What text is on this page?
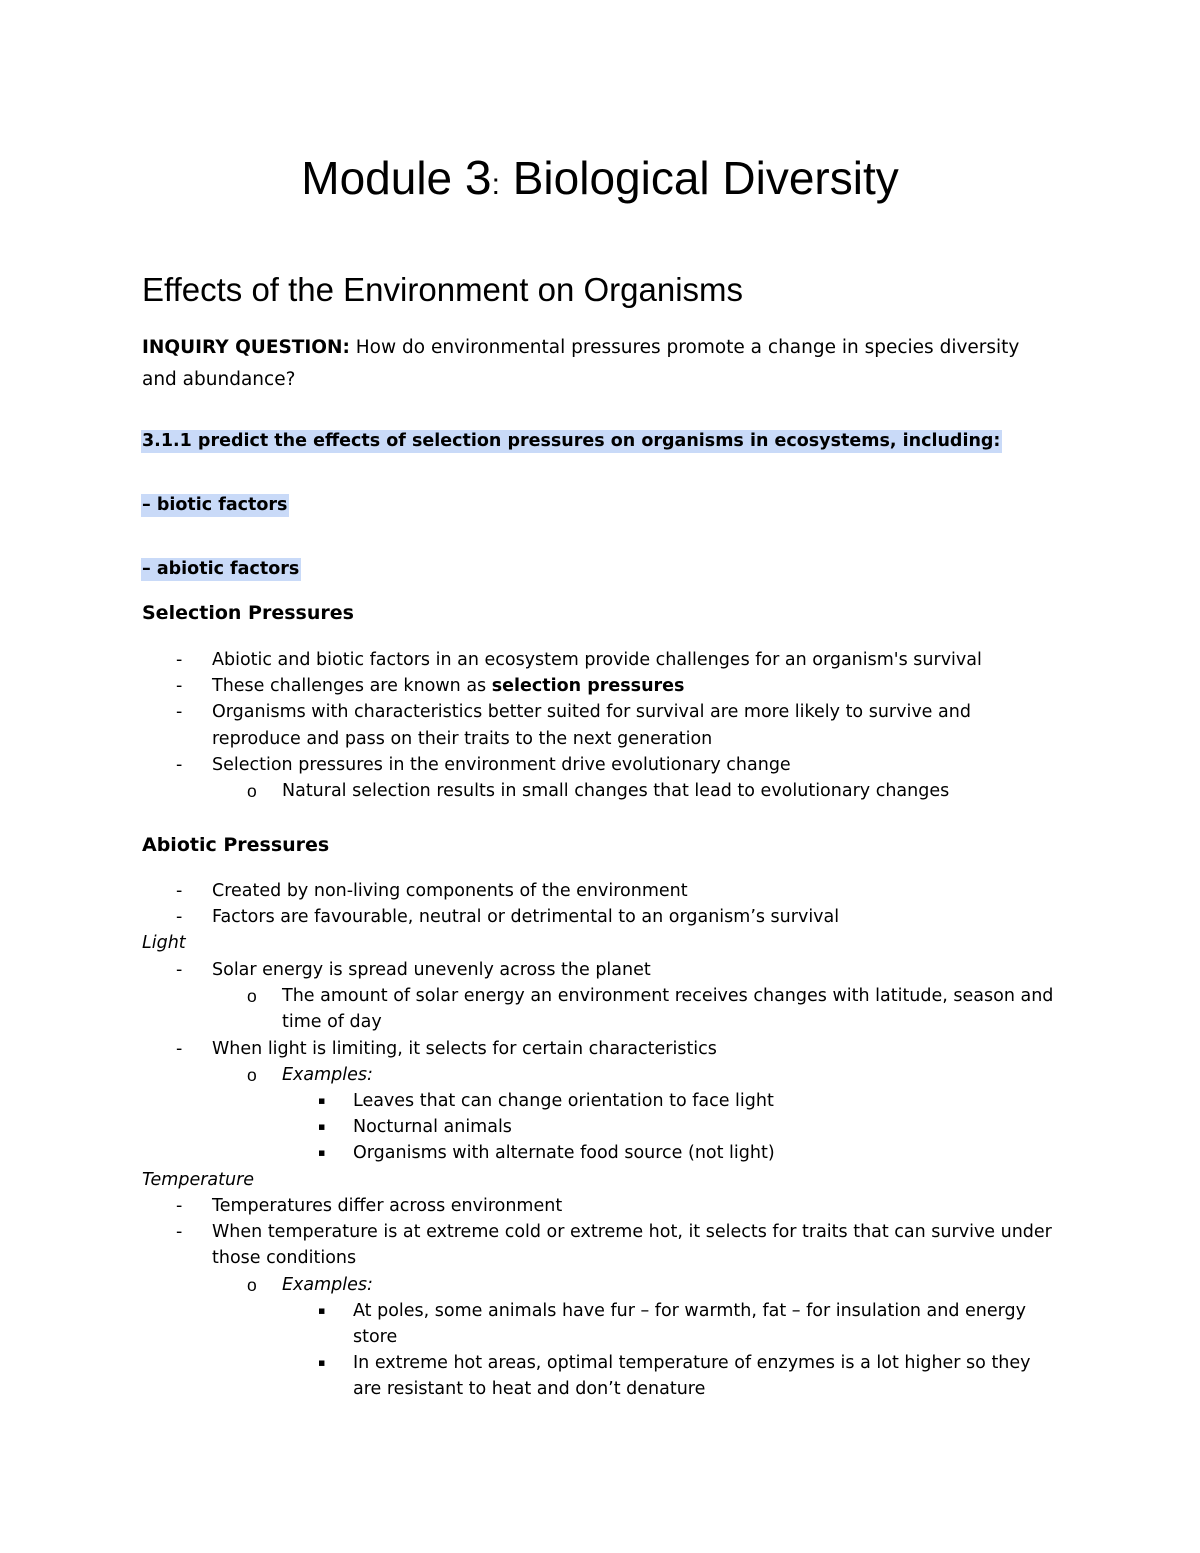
Module 3: Biological Diversity
Effects of the Environment on Organisms

INQUIRY QUESTION: How do environmental pressures promote a change in species diversity and abundance?

3.1.1 predict the effects of selection pressures on organisms in ecosystems, including:

– biotic factors

– abiotic factors

Selection Pressures
- Abiotic and biotic factors in an ecosystem provide challenges for an organism's survival
- These challenges are known as selection pressures
- Organisms with characteristics better suited for survival are more likely to survive and reproduce and pass on their traits to the next generation
- Selection pressures in the environment drive evolutionary change
o Natural selection results in small changes that lead to evolutionary changes
Abiotic Pressures
- Created by non-living components of the environment
- Factors are favourable, neutral or detrimental to an organism’s survival

Light

- Solar energy is spread unevenly across the planet
o The amount of solar energy an environment receives changes with latitude, season and time of day
- When light is limiting, it selects for certain characteristics
o Examples:
▪ Leaves that can change orientation to face light
▪ Nocturnal animals
▪ Organisms with alternate food source (not light)

Temperature

- Temperatures differ across environment
- When temperature is at extreme cold or extreme hot, it selects for traits that can survive under those conditions
o Examples:
▪ At poles, some animals have fur – for warmth, fat – for insulation and energy store
▪ In extreme hot areas, optimal temperature of enzymes is a lot higher so they are resistant to heat and don’t denature
